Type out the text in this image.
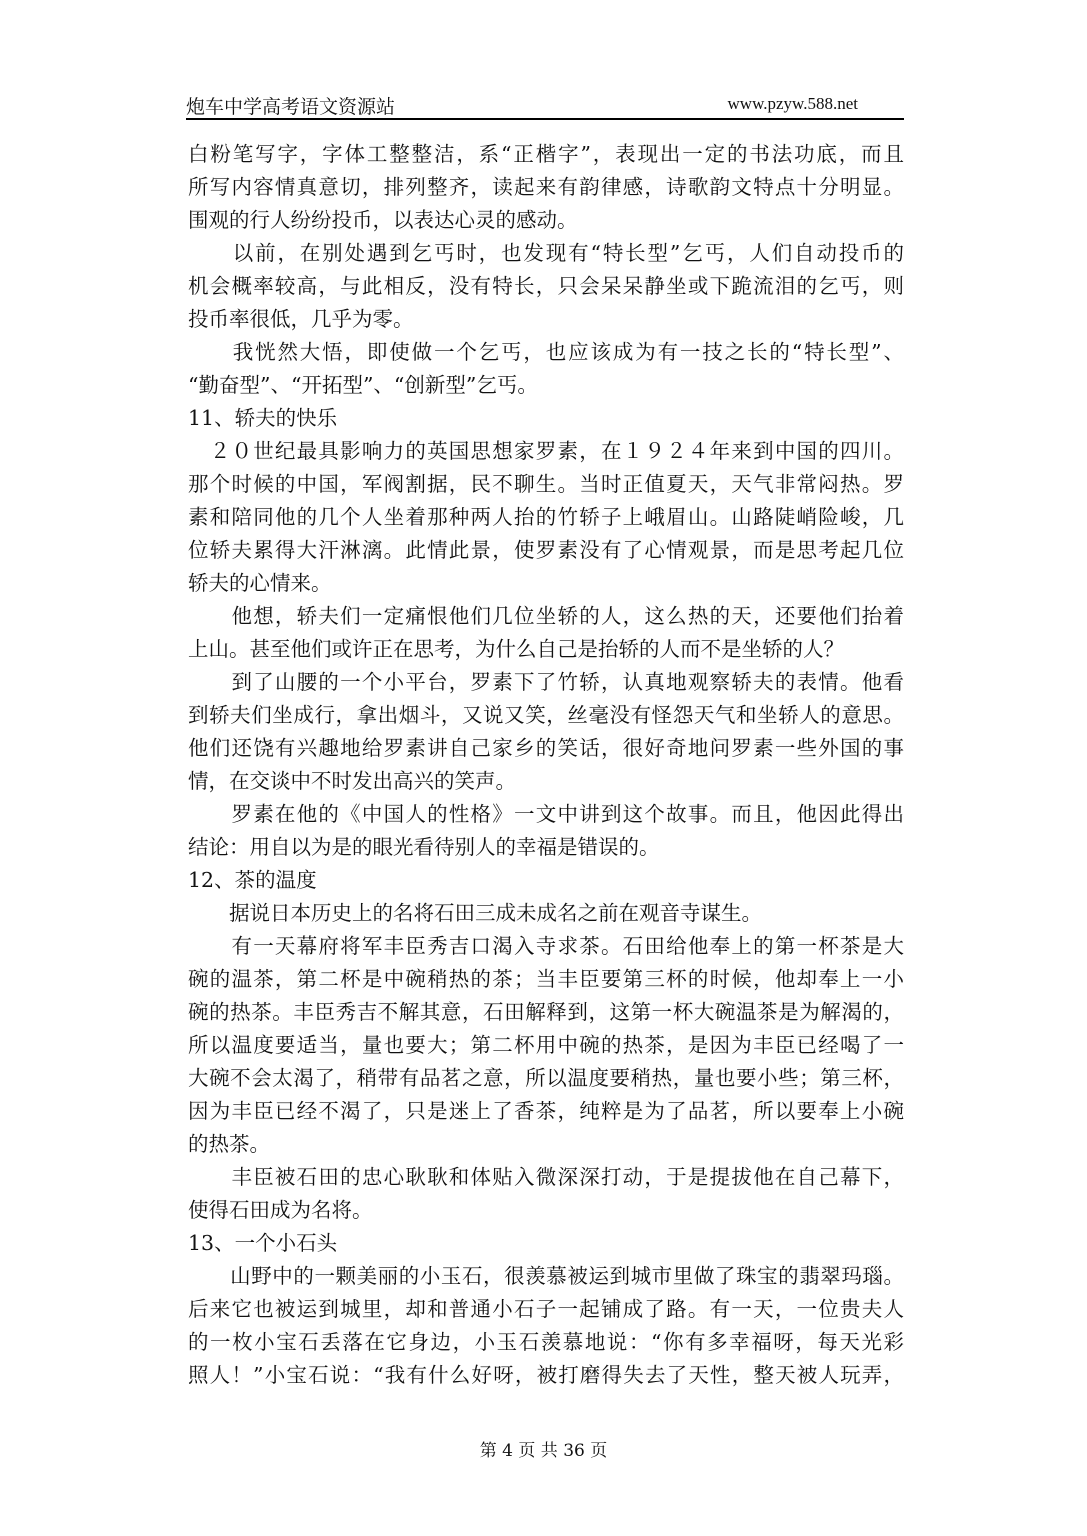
炮车中学高考语文资源站	www.pzyw.588.net
白粉笔写字，字体工整整洁，系“正楷字”，表现出一定的书法功底，而且
所写内容情真意切，排列整齐，读起来有韵律感，诗歌韵文特点十分明显。
围观的行人纷纷投币，以表达心灵的感动。
　　以前，在别处遇到乞丐时，也发现有“特长型”乞丐，人们自动投币的
机会概率较高，与此相反，没有特长，只会呆呆静坐或下跪流泪的乞丐，则
投币率很低，几乎为零。
　　我恍然大悟，即使做一个乞丐，也应该成为有一技之长的“特长型”、
“勤奋型”、“开拓型”、“创新型”乞丐。
11、轿夫的快乐
　２０世纪最具影响力的英国思想家罗素，在１９２４年来到中国的四川。
那个时候的中国，军阀割据，民不聊生。当时正值夏天，天气非常闷热。罗
素和陪同他的几个人坐着那种两人抬的竹轿子上峨眉山。山路陡峭险峻，几
位轿夫累得大汗淋漓。此情此景，使罗素没有了心情观景，而是思考起几位
轿夫的心情来。
　　他想，轿夫们一定痛恨他们几位坐轿的人，这么热的天，还要他们抬着
上山。甚至他们或许正在思考，为什么自己是抬轿的人而不是坐轿的人？
　　到了山腰的一个小平台，罗素下了竹轿，认真地观察轿夫的表情。他看
到轿夫们坐成行，拿出烟斗，又说又笑，丝毫没有怪怨天气和坐轿人的意思。
他们还饶有兴趣地给罗素讲自己家乡的笑话，很好奇地问罗素一些外国的事
情，在交谈中不时发出高兴的笑声。
　　罗素在他的《中国人的性格》一文中讲到这个故事。而且，他因此得出
结论：用自以为是的眼光看待别人的幸福是错误的。
12、茶的温度
　　据说日本历史上的名将石田三成未成名之前在观音寺谋生。
　　有一天幕府将军丰臣秀吉口渴入寺求茶。石田给他奉上的第一杯茶是大
碗的温茶，第二杯是中碗稍热的茶；当丰臣要第三杯的时候，他却奉上一小
碗的热茶。丰臣秀吉不解其意，石田解释到，这第一杯大碗温茶是为解渴的，
所以温度要适当，量也要大；第二杯用中碗的热茶，是因为丰臣已经喝了一
大碗不会太渴了，稍带有品茗之意，所以温度要稍热，量也要小些；第三杯，
因为丰臣已经不渴了，只是迷上了香茶，纯粹是为了品茗，所以要奉上小碗
的热茶。
　　丰臣被石田的忠心耿耿和体贴入微深深打动，于是提拔他在自己幕下，
使得石田成为名将。
13、一个小石头
　　山野中的一颗美丽的小玉石，很羡慕被运到城市里做了珠宝的翡翠玛瑙。
后来它也被运到城里，却和普通小石子一起铺成了路。有一天，一位贵夫人
的一枚小宝石丢落在它身边，小玉石羡慕地说：“你有多幸福呀，每天光彩
照人！”小宝石说：“我有什么好呀，被打磨得失去了天性，整天被人玩弄，
第 4 页 共 36 页
